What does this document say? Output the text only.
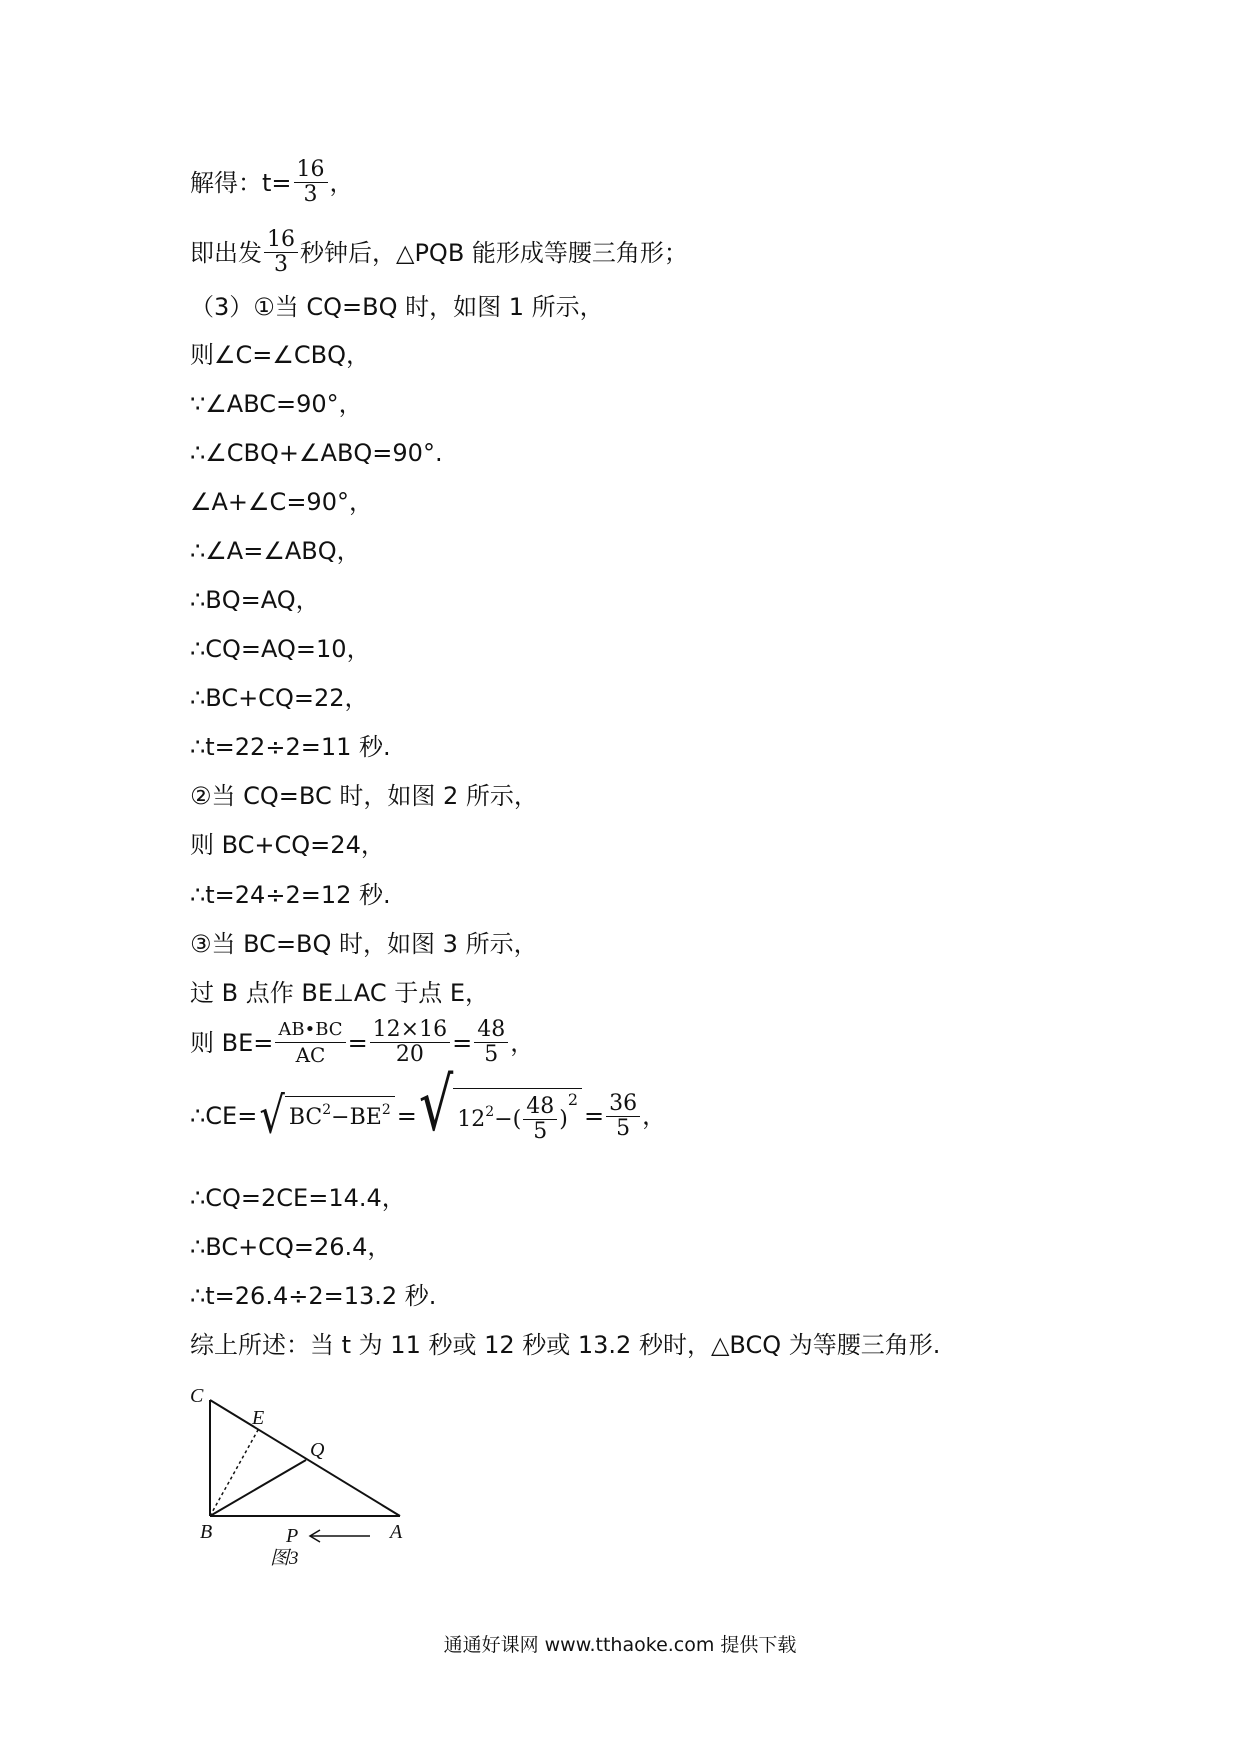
解得：$t= \frac{16}{3}$ ，
即出发 $\frac{16}{3}$ 秒钟后，△PQB 能形成等腰三角形；
（3）①当 CQ=BQ 时，如图 1 所示，
则∠C=∠CBQ，
∵∠ABC=90°，
∴∠CBQ+∠ABQ=90°.
∠A+∠C=90°，
∴∠A=∠ABQ，
∴BQ=AQ，
∴CQ=AQ=10，
∴BC+CQ=22，
∴t=22÷2=11 秒.
②当 CQ=BC 时，如图 2 所示，
则 BC+CQ=24，
∴t=24÷2=12 秒.
③当 BC=BQ 时，如图 3 所示，
过 B 点作 BE⊥AC 于点 E，
则 $BE= \frac{AB•BC}{AC} = \frac{12\times 16}{20} = \frac{48}{5}$ ，
∴CE= √ BC 2 −BE 2 = √ 12 2 −( $\frac{48}{5}$ )
2
= $\frac{36}{5}$ ，
∴CQ=2CE=14.4，
∴BC+CQ=26.4，
∴t=26.4÷2=13.2 秒.
综上所述：当 t 为 11 秒或 12 秒或 13.2 秒时，△BCQ 为等腰三角形.
C
E
Q
B	P	A
图3
通通好课网 www.tthaoke.com 提供下载
